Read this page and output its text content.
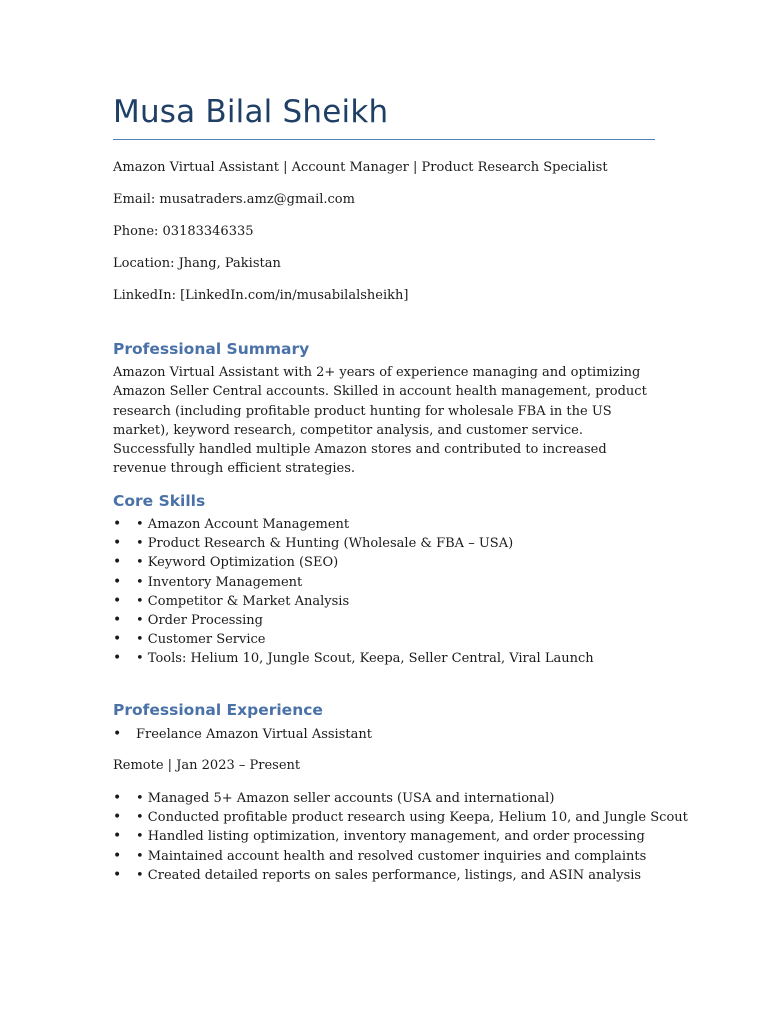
Musa Bilal Sheikh

Amazon Virtual Assistant | Account Manager | Product Research Specialist

Email: musatraders.amz@gmail.com

Phone: 03183346335

Location: Jhang, Pakistan

LinkedIn: [LinkedIn.com/in/musabilalsheikh]

Professional Summary

Amazon Virtual Assistant with 2+ years of experience managing and optimizing Amazon Seller Central accounts. Skilled in account health management, product research (including profitable product hunting for wholesale FBA in the US market), keyword research, competitor analysis, and customer service. Successfully handled multiple Amazon stores and contributed to increased revenue through efficient strategies.

Core Skills
• • Amazon Account Management
• • Product Research & Hunting (Wholesale & FBA – USA)
• • Keyword Optimization (SEO)
• • Inventory Management
• • Competitor & Market Analysis
• • Order Processing
• • Customer Service
• • Tools: Helium 10, Jungle Scout, Keepa, Seller Central, Viral Launch
Professional Experience
• Freelance Amazon Virtual Assistant

Remote | Jan 2023 – Present

• • Managed 5+ Amazon seller accounts (USA and international)
• • Conducted profitable product research using Keepa, Helium 10, and Jungle Scout
• • Handled listing optimization, inventory management, and order processing
• • Maintained account health and resolved customer inquiries and complaints
• • Created detailed reports on sales performance, listings, and ASIN analysis
